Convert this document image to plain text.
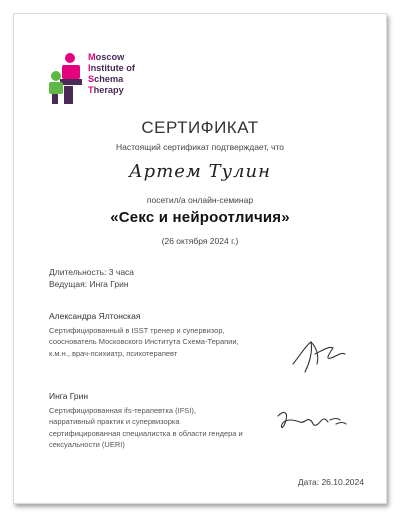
Moscow
Institute of
Schema
Therapy
СЕРТИФИКАТ
Настоящий сертификат подтверждает, что
Артем Тулин
посетил/а онлайн-семинар
«Секс и нейроотличия»
(26 октября 2024 г.)
Длительность: 3 часа
Ведущая: Инга Грин
Александра Ялтонская
Сертифицированный в ISST тренер и супервизор,
сооснователь Московского Института Схема-Терапии,
к.м.н., врач-психиатр, психотерапевт
Инга Грин
Сертифицированная ifs-терапевтка (IFSI),
нарративный практик и супервизорка
сертифицированная специалистка в области гендера и
сексуальности (UERI)
Дата: 26.10.2024
